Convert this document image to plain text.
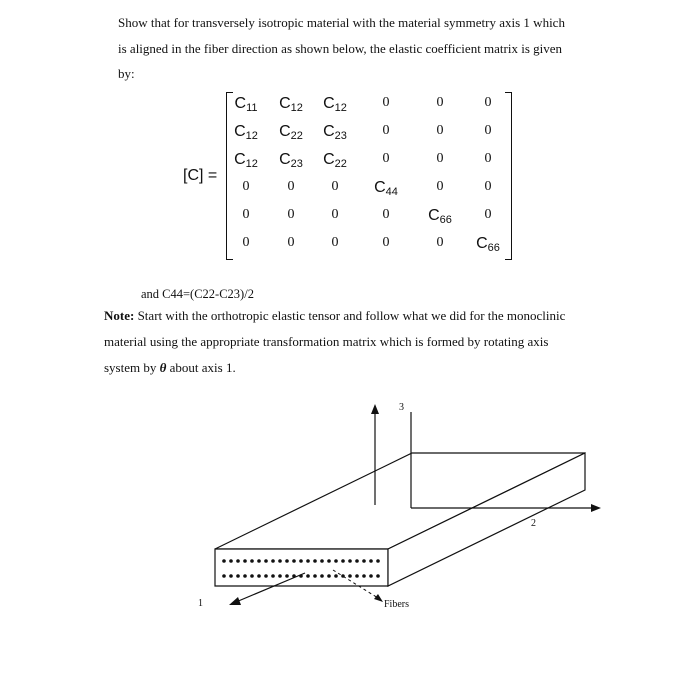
Show that for transversely isotropic material with the material symmetry axis 1 which
is aligned in the fiber direction as shown below, the elastic coefficient matrix is given
by:
[C] =
$C_{11}$	$C_{12}$	$C_{12}$	0	0	0
$C_{12}$	$C_{22}$	$C_{23}$	0	0	0
$C_{12}$	$C_{23}$	$C_{22}$	0	0	0
0	0	0	$C_{44}$	0	0
0	0	0	0	$C_{66}$	0
0	0	0	0	0	$C_{66}$
and C44=(C22-C23)/2
Note: Start with the orthotropic elastic tensor and follow what we did for the monoclinic
material using the appropriate transformation matrix which is formed by rotating axis
system by θ about axis 1.
3
2
1	Fibers
